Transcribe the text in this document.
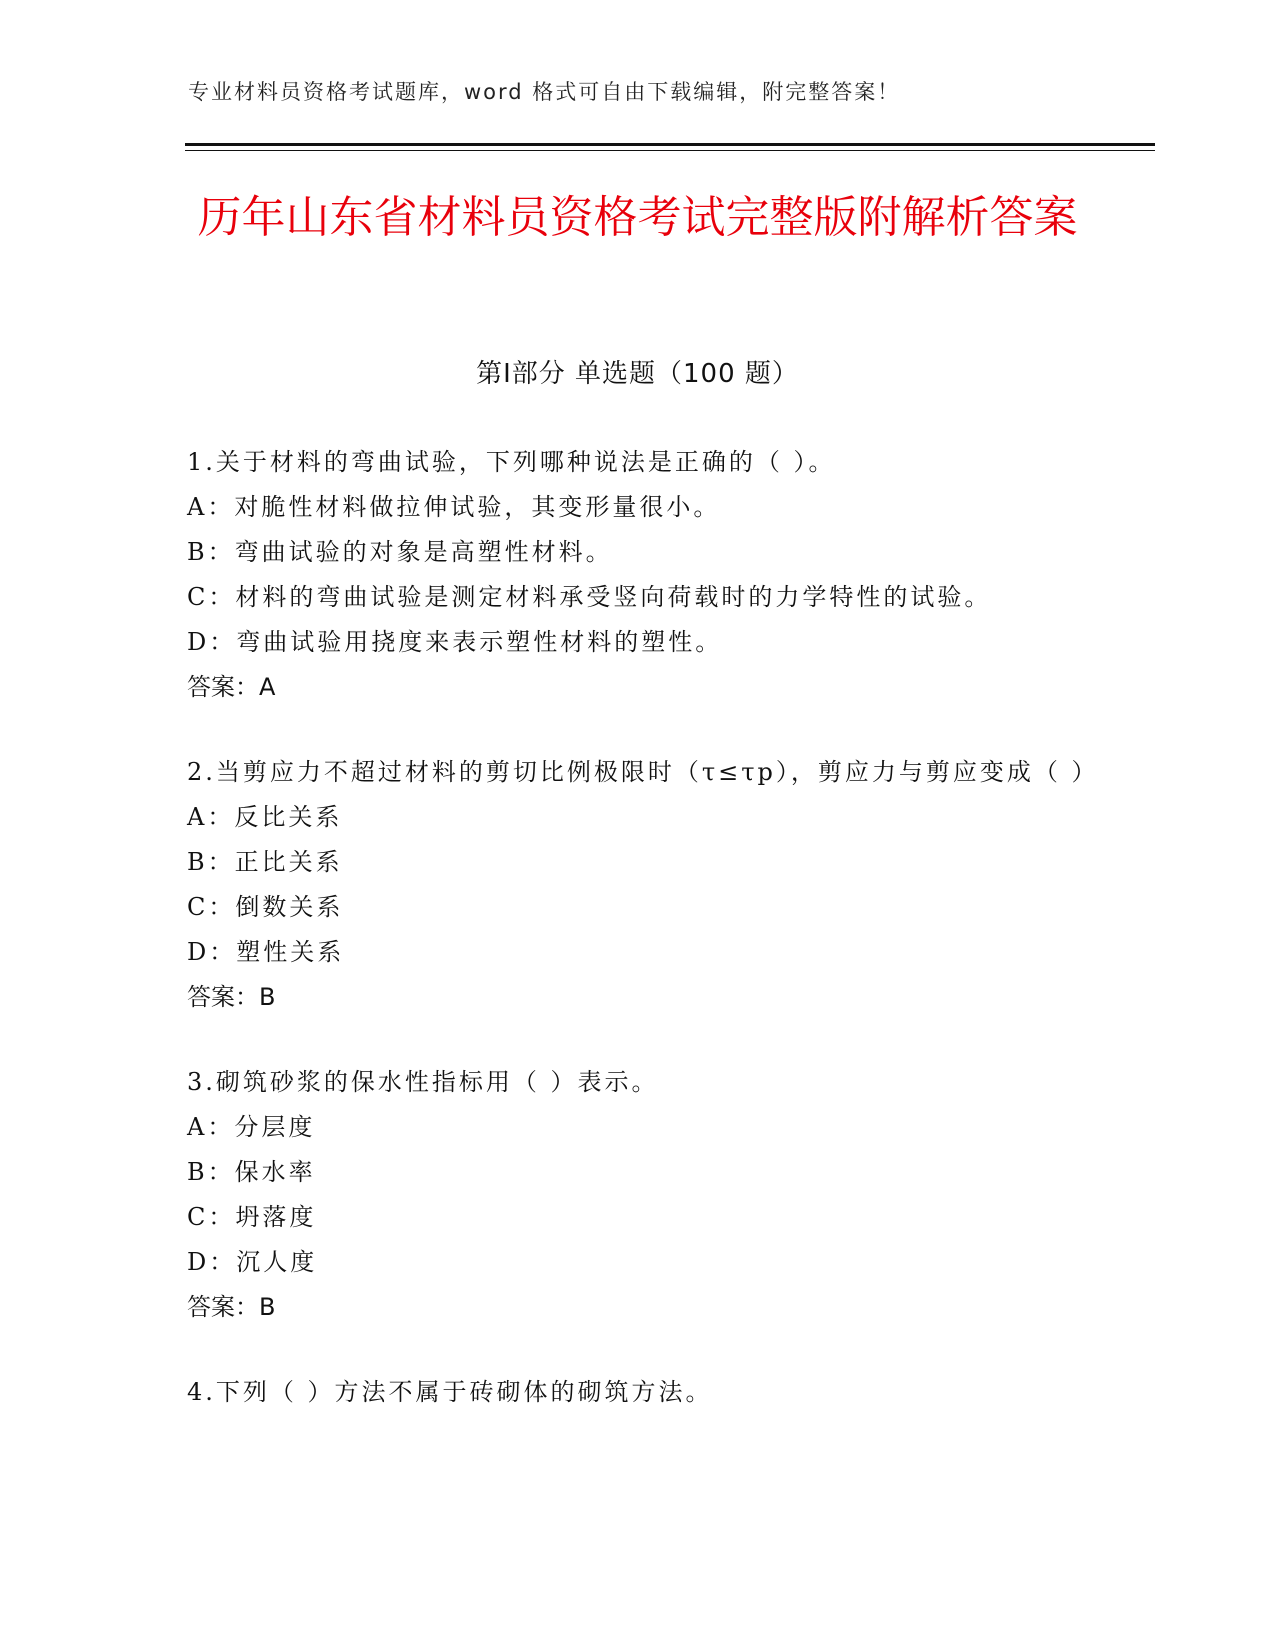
专业材料员资格考试题库，word 格式可自由下载编辑，附完整答案！
历年山东省材料员资格考试完整版附解析答案
第Ⅰ部分 单选题（100 题）

1.关于材料的弯曲试验，下列哪种说法是正确的（ ）。

A：对脆性材料做拉伸试验，其变形量很小。

B：弯曲试验的对象是高塑性材料。

C：材料的弯曲试验是测定材料承受竖向荷载时的力学特性的试验。

D：弯曲试验用挠度来表示塑性材料的塑性。

答案：A

2.当剪应力不超过材料的剪切比例极限时（τ≤τp），剪应力与剪应变成（ ）

A：反比关系

B：正比关系

C：倒数关系

D：塑性关系

答案：B

3.砌筑砂浆的保水性指标用（ ）表示。

A：分层度

B：保水率

C：坍落度

D：沉人度

答案：B

4.下列（ ）方法不属于砖砌体的砌筑方法。
